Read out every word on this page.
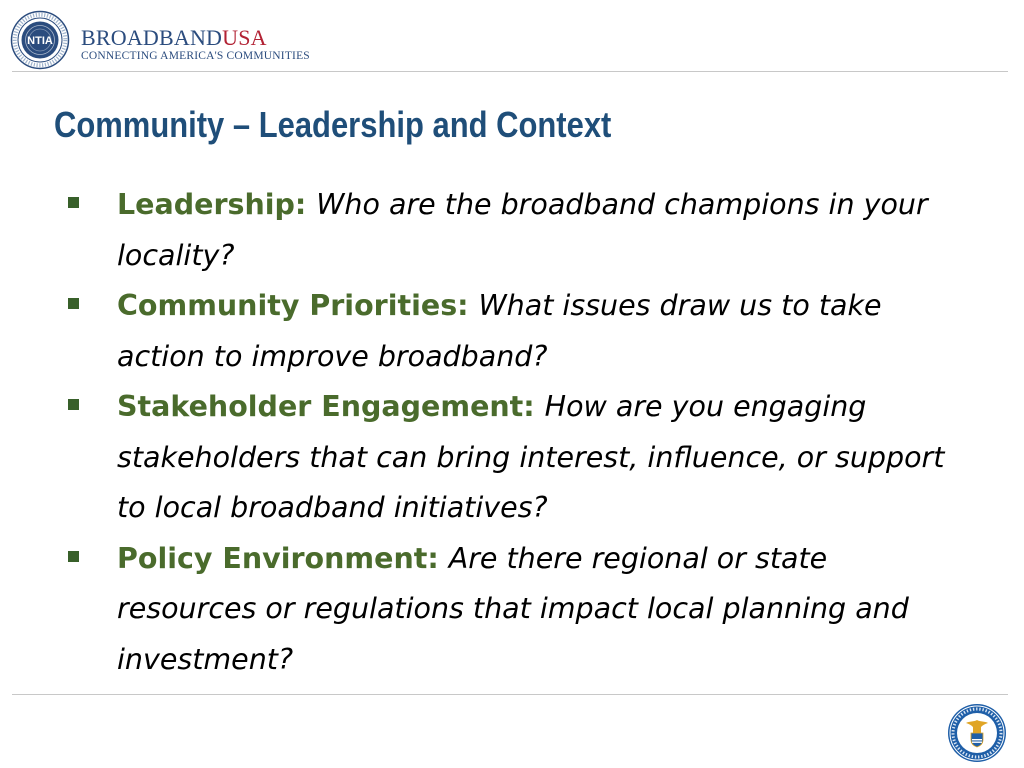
NTIA BROADBANDUSA
CONNECTING AMERICA'S COMMUNITIES
Community – Leadership and Context
Leadership: Who are the broadband champions in your locality?
Community Priorities: What issues draw us to take action to improve broadband?
Stakeholder Engagement: How are you engaging stakeholders that can bring interest, influence, or support to local broadband initiatives?
Policy Environment: Are there regional or state resources or regulations that impact local planning and investment?
